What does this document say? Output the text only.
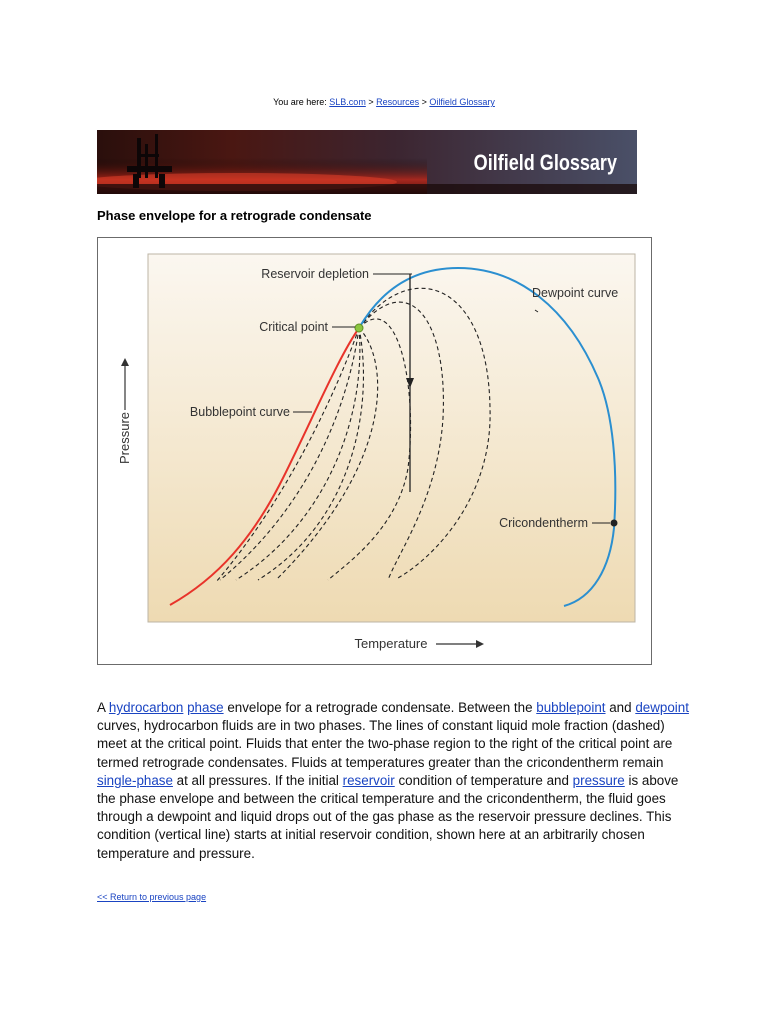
You are here: SLB.com > Resources > Oilfield Glossary
Oilfield Glossary
Phase envelope for a retrograde condensate
Reservoir depletion
Dewpoint curve
Critical point
Bubblepoint curve
Cricondentherm
Pressure
Temperature
A hydrocarbon phase envelope for a retrograde condensate. Between the bubblepoint and dewpoint curves, hydrocarbon fluids are in two phases. The lines of constant liquid mole fraction (dashed) meet at the critical point. Fluids that enter the two-phase region to the right of the critical point are termed retrograde condensates. Fluids at temperatures greater than the cricondentherm remain single-phase at all pressures. If the initial reservoir condition of temperature and pressure is above the phase envelope and between the critical temperature and the cricondentherm, the fluid goes through a dewpoint and liquid drops out of the gas phase as the reservoir pressure declines. This condition (vertical line) starts at initial reservoir condition, shown here at an arbitrarily chosen temperature and pressure.
<< Return to previous page
